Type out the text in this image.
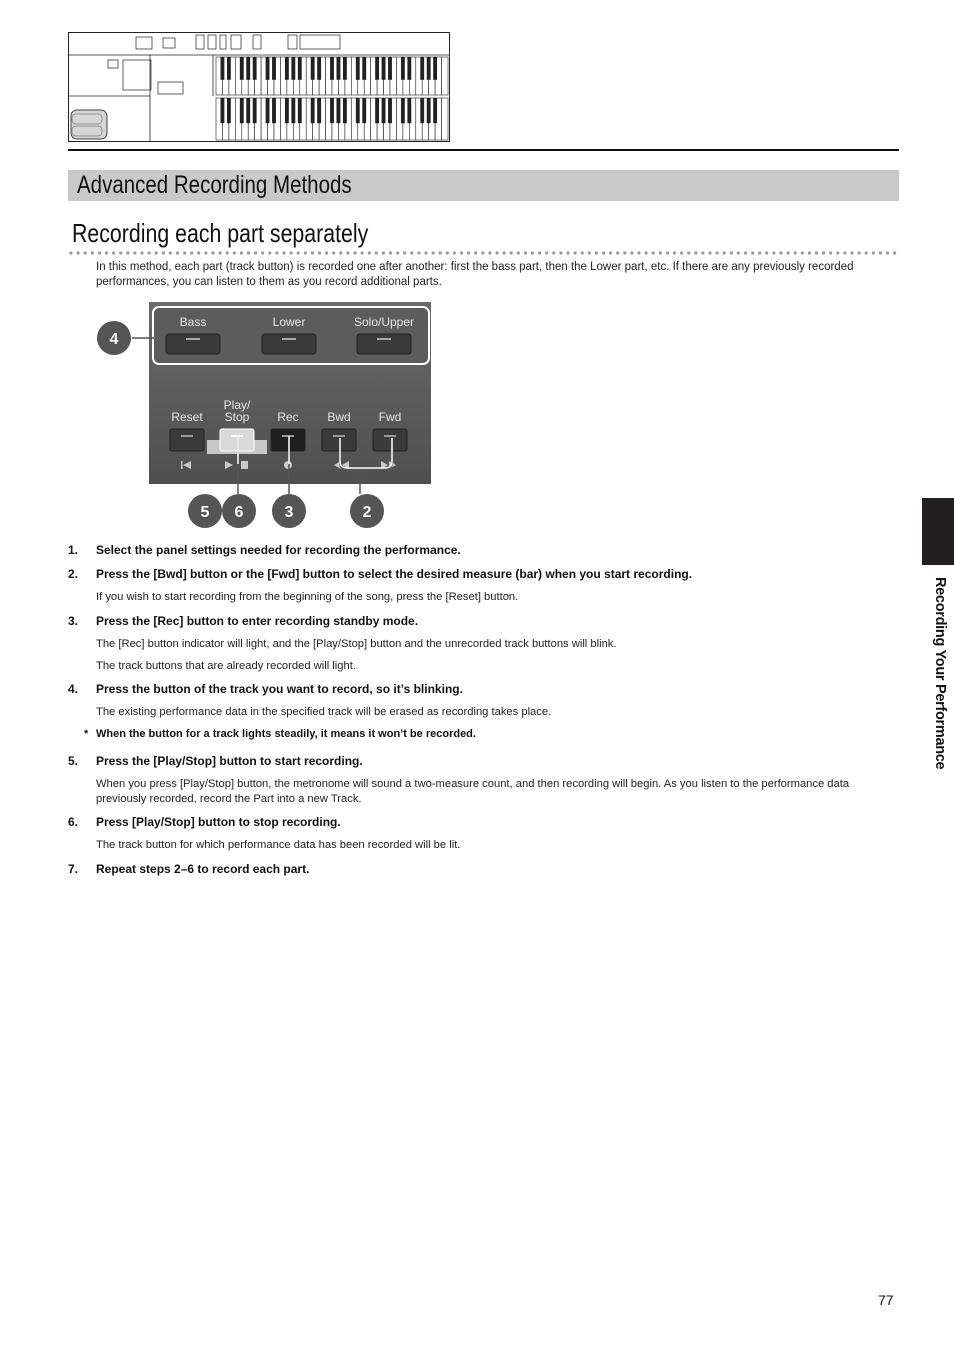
Advanced Recording Methods
Recording each part separately
In this method, each part (track button) is recorded one after another: first the bass part, then the Lower part, etc. If there are any previously recorded performances, you can listen to them as you record additional parts.
Bass	Lower	Solo/Upper
Reset
Play/
Stop Rec Bwd Fwd
4
5 6	3	2
1. Select the panel settings needed for recording the performance.
2. Press the [Bwd] button or the [Fwd] button to select the desired measure (bar) when you start recording.
If you wish to start recording from the beginning of the song, press the [Reset] button.
3. Press the [Rec] button to enter recording standby mode.
The [Rec] button indicator will light, and the [Play/Stop] button and the unrecorded track buttons will blink.
The track buttons that are already recorded will light.
4. Press the button of the track you want to record, so it’s blinking.
The existing performance data in the specified track will be erased as recording takes place.
* When the button for a track lights steadily, it means it won’t be recorded.
5. Press the [Play/Stop] button to start recording.
When you press [Play/Stop] button, the metronome will sound a two-measure count, and then recording will begin. As you listen to the performance data previously recorded, record the Part into a new Track.
6. Press [Play/Stop] button to stop recording.
The track button for which performance data has been recorded will be lit.
7. Repeat steps 2–6 to record each part.
Recording Your Performance
77
